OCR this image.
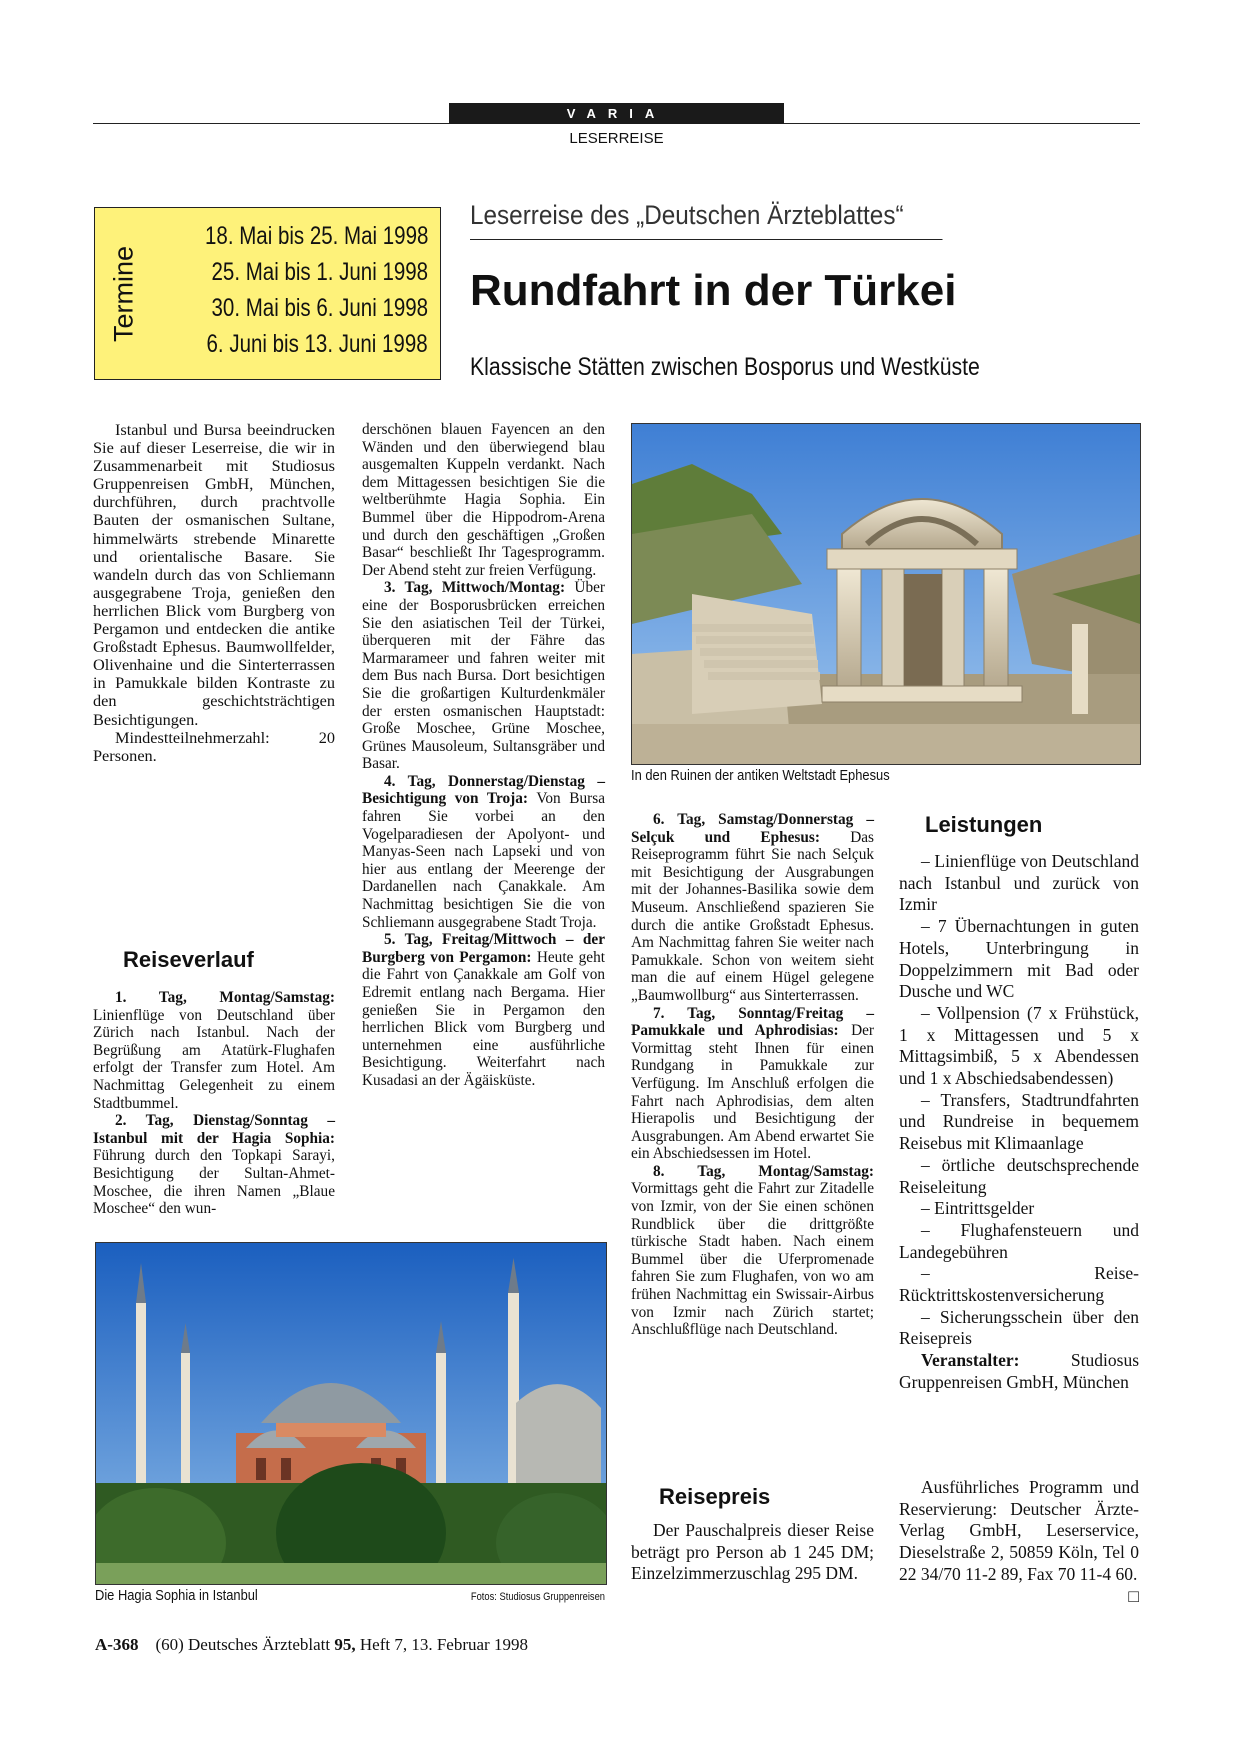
VARIA
LESERREISE
Termine
18. Mai bis 25. Mai 1998
25. Mai bis 1. Juni 1998
30. Mai bis 6. Juni 1998
6. Juni bis 13. Juni 1998
Leserreise des „Deutschen Ärzteblattes“
Rundfahrt in der Türkei
Klassische Stätten zwischen Bosporus und Westküste

Istanbul und Bursa beeindrucken Sie auf dieser Leserreise, die wir in Zusammenarbeit mit Studiosus Gruppenreisen GmbH, München, durchführen, durch prachtvolle Bauten der osmanischen Sultane, himmelwärts strebende Minarette und orientalische Basare. Sie wandeln durch das von Schliemann ausgegrabene Troja, genießen den herrlichen Blick vom Burgberg von Pergamon und entdecken die antike Großstadt Ephesus. Baumwollfelder, Olivenhaine und die Sinterterrassen in Pamukkale bilden Kontraste zu den geschichtsträchtigen Besichtigungen.

Mindestteilnehmerzahl: 20 Personen.

Reiseverlauf

1. Tag, Montag/Samstag: Linienflüge von Deutschland über Zürich nach Istanbul. Nach der Begrüßung am Atatürk-Flughafen erfolgt der Transfer zum Hotel. Am Nachmittag Gelegenheit zu einem Stadtbummel.

2. Tag, Dienstag/Sonntag – Istanbul mit der Hagia Sophia: Führung durch den Topkapi Sarayi, Besichtigung der Sultan-Ahmet-Moschee, die ihren Namen „Blaue Moschee“ den wun-

derschönen blauen Fayencen an den Wänden und den überwiegend blau ausgemalten Kuppeln verdankt. Nach dem Mittagessen besichtigen Sie die weltberühmte Hagia Sophia. Ein Bummel über die Hippodrom-Arena und durch den geschäftigen „Großen Basar“ beschließt Ihr Tagesprogramm. Der Abend steht zur freien Verfügung.

3. Tag, Mittwoch/Montag: Über eine der Bosporusbrücken erreichen Sie den asiatischen Teil der Türkei, überqueren mit der Fähre das Marmarameer und fahren weiter mit dem Bus nach Bursa. Dort besichtigen Sie die großartigen Kulturdenkmäler der ersten osmanischen Hauptstadt: Große Moschee, Grüne Moschee, Grünes Mausoleum, Sultansgräber und Basar.

4. Tag, Donnerstag/Dienstag – Besichtigung von Troja: Von Bursa fahren Sie vorbei an den Vogelparadiesen der Apolyont- und Manyas-Seen nach Lapseki und von hier aus entlang der Meerenge der Dardanellen nach Çanakkale. Am Nachmittag besichtigen Sie die von Schliemann ausgegrabene Stadt Troja.

5. Tag, Freitag/Mittwoch – der Burgberg von Pergamon: Heute geht die Fahrt von Çanakkale am Golf von Edremit entlang nach Bergama. Hier genießen Sie in Pergamon den herrlichen Blick vom Burgberg und unternehmen eine ausführliche Besichtigung. Weiterfahrt nach Kusadasi an der Ägäisküste.

In den Ruinen der antiken Weltstadt Ephesus

6. Tag, Samstag/Donnerstag – Selçuk und Ephesus: Das Reiseprogramm führt Sie nach Selçuk mit Besichtigung der Ausgrabungen mit der Johannes-Basilika sowie dem Museum. Anschließend spazieren Sie durch die antike Großstadt Ephesus. Am Nachmittag fahren Sie weiter nach Pamukkale. Schon von weitem sieht man die auf einem Hügel gelegene „Baumwollburg“ aus Sinterterrassen.

7. Tag, Sonntag/Freitag – Pamukkale und Aphrodisias: Der Vormittag steht Ihnen für einen Rundgang in Pamukkale zur Verfügung. Im Anschluß erfolgen die Fahrt nach Aphrodisias, dem alten Hierapolis und Besichtigung der Ausgrabungen. Am Abend erwartet Sie ein Abschiedsessen im Hotel.

8. Tag, Montag/Samstag: Vormittags geht die Fahrt zur Zitadelle von Izmir, von der Sie einen schönen Rundblick über die drittgrößte türkische Stadt haben. Nach einem Bummel über die Uferpromenade fahren Sie zum Flughafen, von wo am frühen Nachmittag ein Swissair-Airbus von Izmir nach Zürich startet; Anschlußflüge nach Deutschland.

Reisepreis

Der Pauschalpreis dieser Reise beträgt pro Person ab 1 245 DM; Einzelzimmerzuschlag 295 DM.

Leistungen

– Linienflüge von Deutschland nach Istanbul und zurück von Izmir

– 7 Übernachtungen in guten Hotels, Unterbringung in Doppelzimmern mit Bad oder Dusche und WC

– Vollpension (7 x Frühstück, 1 x Mittagessen und 5 x Mittagsimbiß, 5 x Abendessen und 1 x Abschiedsabendessen)

– Transfers, Stadtrundfahrten und Rundreise in bequemem Reisebus mit Klimaanlage

– örtliche deutschsprechende Reiseleitung

– Eintrittsgelder

– Flughafensteuern und Landegebühren

– Reise-Rücktrittskostenversicherung

– Sicherungsschein über den Reisepreis

Veranstalter:	Studiosus Gruppenreisen GmbH, München

Ausführliches Programm und Reservierung: Deutscher Ärzte-Verlag GmbH, Leserservice, Dieselstraße 2, 50859 Köln, Tel 0 22 34/70 11-2 89, Fax 70 11-4 60.
□

Die Hagia Sophia in Istanbul	Fotos: Studiosus Gruppenreisen
A-368 (60) Deutsches Ärzteblatt 95, Heft 7, 13. Februar 1998
